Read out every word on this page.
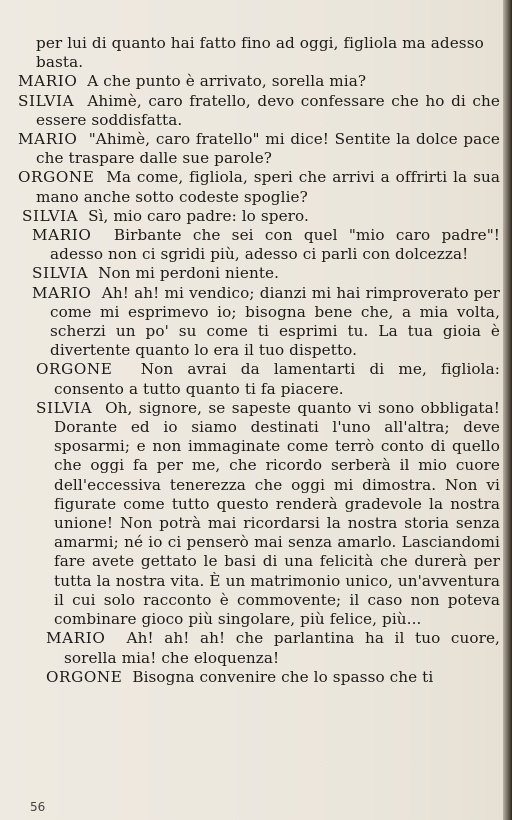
per lui di quanto hai fatto fino ad oggi, figliola ma adesso basta.

MARIO A che punto è arrivato, sorella mia?

SILVIA Ahimè, caro fratello, devo confessare che ho di che essere soddisfatta.

MARIO "Ahimè, caro fratello" mi dice! Sentite la dolce pace che traspare dalle sue parole?

ORGONE Ma come, figliola, speri che arrivi a offrirti la sua mano anche sotto codeste spoglie?

SILVIA Sì, mio caro padre: lo spero.

MARIO Birbante che sei con quel "mio caro padre"! adesso non ci sgridi più, adesso ci parli con dolcezza!

SILVIA Non mi perdoni niente.

MARIO Ah! ah! mi vendico; dianzi mi hai rimproverato per come mi esprimevo io; bisogna bene che, a mia volta, scherzi un po' su come ti esprimi tu. La tua gioia è divertente quanto lo era il tuo dispetto.

ORGONE Non avrai da lamentarti di me, figliola: consento a tutto quanto ti fa piacere.

SILVIA Oh, signore, se sapeste quanto vi sono obbligata! Dorante ed io siamo destinati l'uno all'altra; deve sposarmi; e non immaginate come terrò conto di quello che oggi fa per me, che ricordo serberà il mio cuore dell'eccessiva tenerezza che oggi mi dimostra. Non vi figurate come tutto questo renderà gradevole la nostra unione! Non potrà mai ricordarsi la nostra storia senza amarmi; né io ci penserò mai senza amarlo. Lasciandomi fare avete gettato le basi di una felicità che durerà per tutta la nostra vita. È un matrimonio unico, un'avventura il cui solo racconto è commovente; il caso non poteva combinare gioco più singolare, più felice, più...

MARIO Ah! ah! ah! che parlantina ha il tuo cuore, sorella mia! che eloquenza!

ORGONE Bisogna convenire che lo spasso che ti

56
